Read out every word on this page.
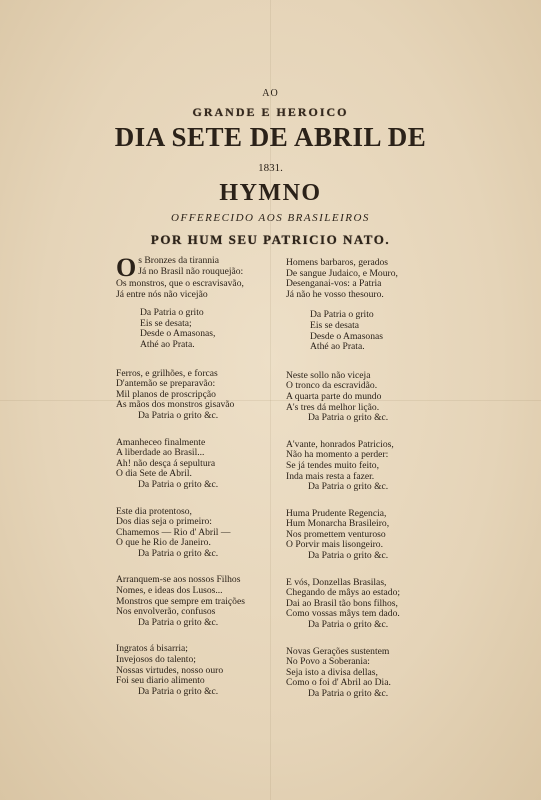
AO
GRANDE E HEROICO
DIA SETE DE ABRIL DE
1831.
HYMNO
OFFERECIDO AOS BRASILEIROS
POR HUM SEU PATRICIO NATO.
O s Bronzes da tirannia
Já no Brasil não rouquejão:
Os monstros, que o escravisavão,
Já entre nós não vicejão
Da Patria o grito
Eis se desata;
Desde o Amasonas,
Athé ao Prata.
Ferros, e grilhões, e forcas
D'antemão se preparavão:
Mil planos de proscripção
As mãos dos monstros gisavão
Da Patria o grito &c.
Amanheceo finalmente
A liberdade ao Brasil...
Ah! não desça á sepultura
O dia Sete de Abril.
Da Patria o grito &c.
Este dia protentoso,
Dos dias seja o primeiro:
Chamemos — Rio d' Abril —
O que he Rio de Janeiro.
Da Patria o grito &c.
Arranquem-se aos nossos Filhos
Nomes, e ideas dos Lusos...
Monstros que sempre em traições
Nos envolverão, confusos
Da Patria o grito &c.
Ingratos á bisarria;
Invejosos do talento;
Nossas virtudes, nosso ouro
Foi seu diario alimento
Da Patria o grito &c.
Homens barbaros, gerados
De sangue Judaico, e Mouro,
Desenganai-vos: a Patria
Já não he vosso thesouro.
Da Patria o grito
Eis se desata
Desde o Amasonas
Athé ao Prata.
Neste sollo não viceja
O tronco da escravidão.
A quarta parte do mundo
A's tres dá melhor lição.
Da Patria o grito &c.
A'vante, honrados Patricios,
Não ha momento a perder:
Se já tendes muito feito,
Inda mais resta a fazer.
Da Patria o grito &c.
Huma Prudente Regencia,
Hum Monarcha Brasileiro,
Nos promettem venturoso
O Porvir mais lisongeiro.
Da Patria o grito &c.
E vós, Donzellas Brasilas,
Chegando de mâys ao estado;
Dai ao Brasil tão bons filhos,
Como vossas mâys tem dado.
Da Patria o grito &c.
Novas Gerações sustentem
No Povo a Soberania:
Seja isto a divisa dellas,
Como o foi d' Abril ao Dia.
Da Patria o grito &c.
